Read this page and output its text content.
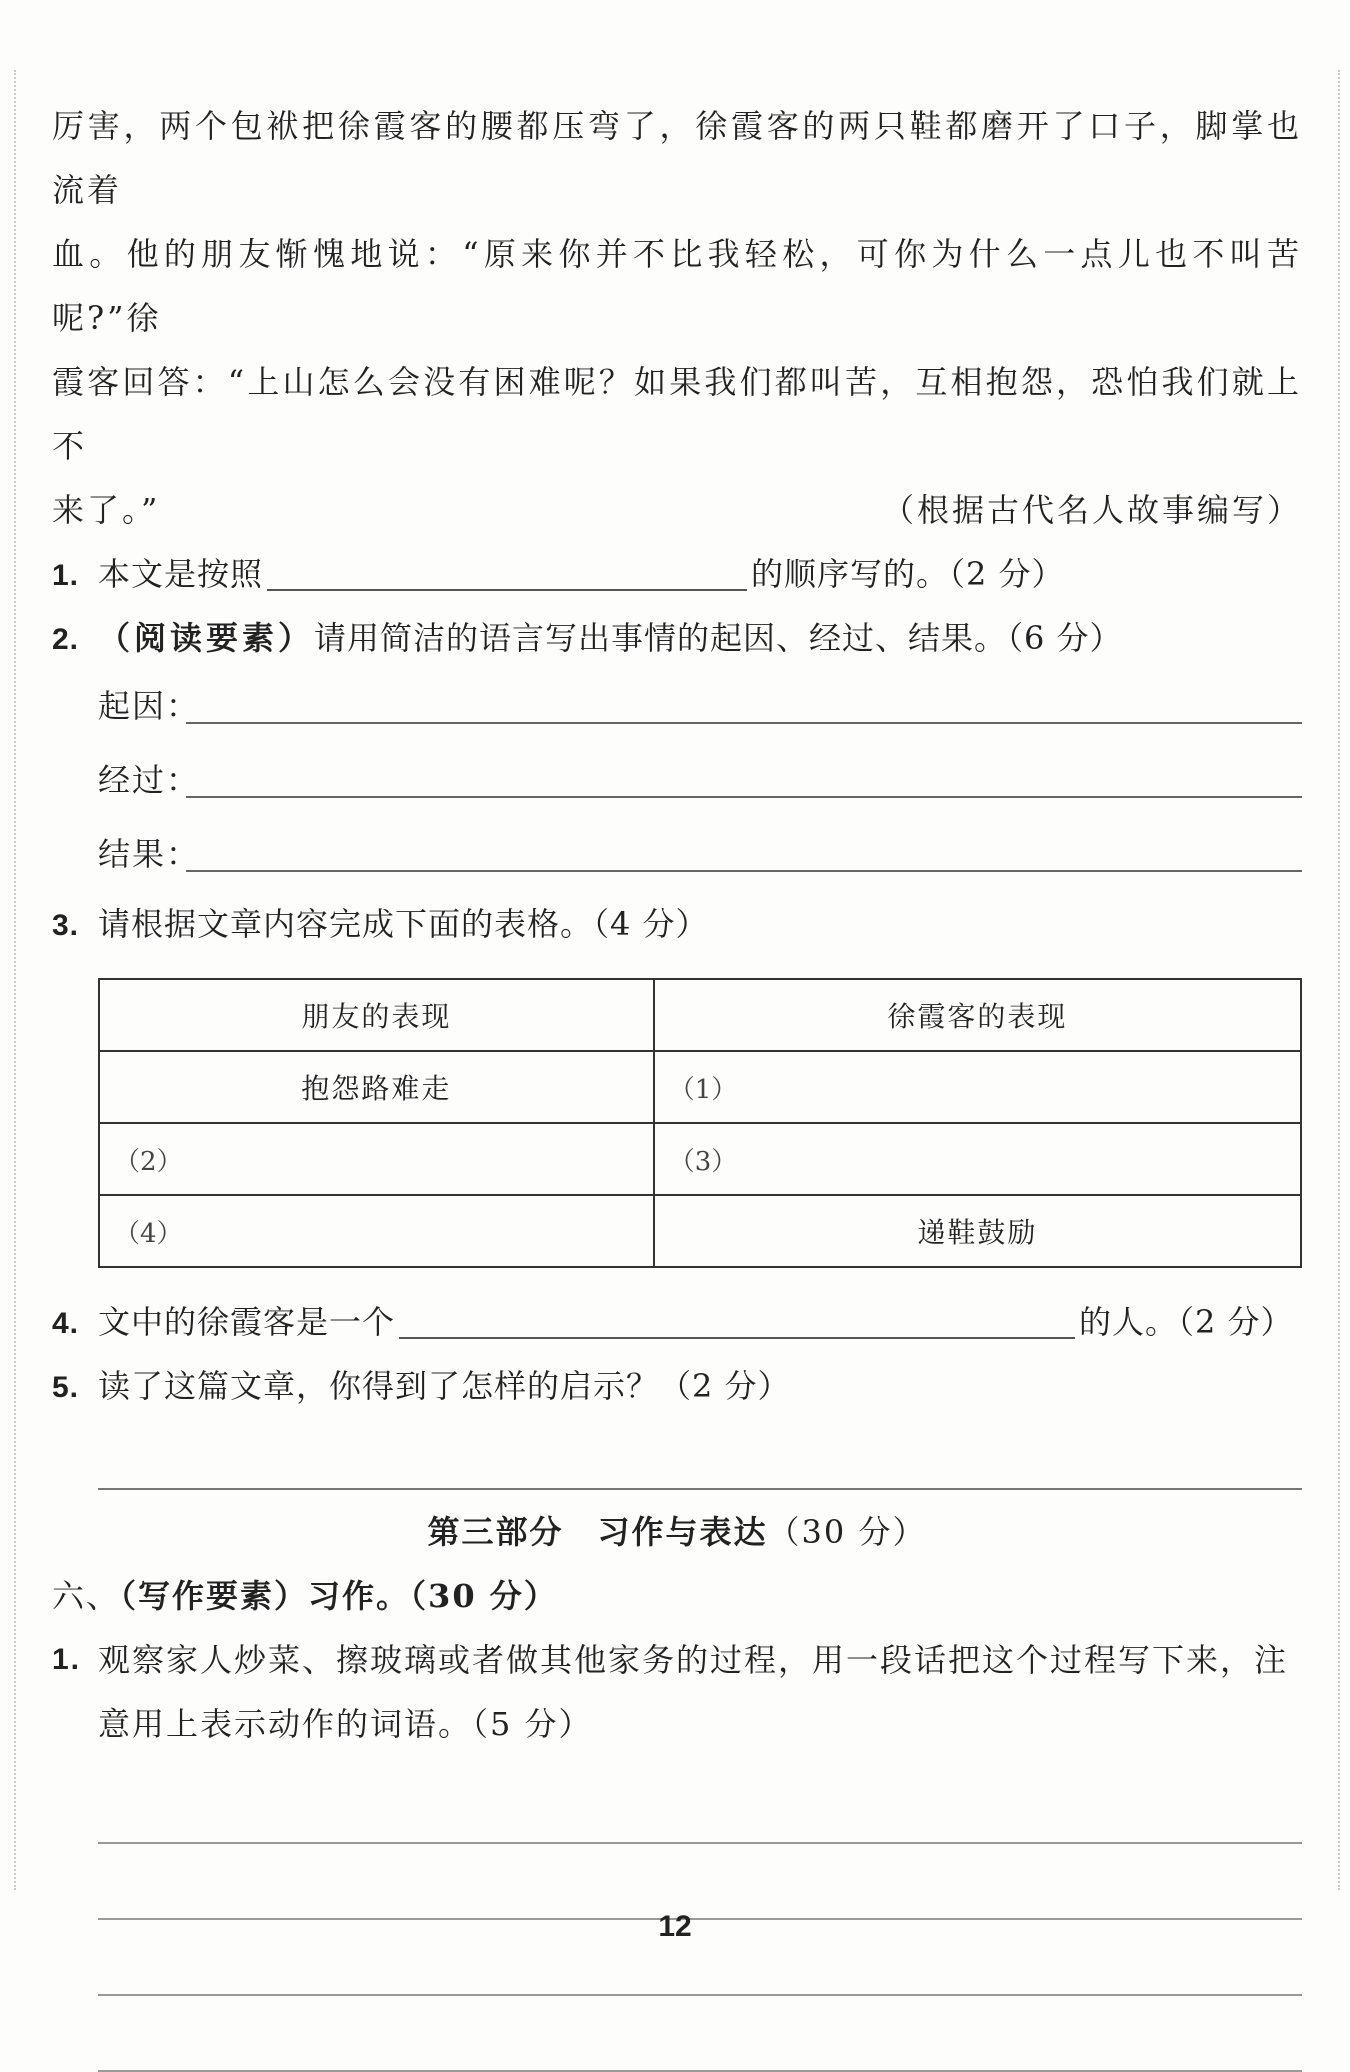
厉害，两个包袱把徐霞客的腰都压弯了，徐霞客的两只鞋都磨开了口子，脚掌也流着

血。他的朋友惭愧地说：“原来你并不比我轻松，可你为什么一点儿也不叫苦呢?”徐

霞客回答：“上山怎么会没有困难呢？如果我们都叫苦，互相抱怨，恐怕我们就上不

来了。”	（根据古代名人故事编写）
1. 本文是按照	的顺序写的。（2 分）
2. （阅读要素）请用简洁的语言写出事情的起因、经过、结果。（6 分）
起因：
经过：
结果：
3. 请根据文章内容完成下面的表格。（4 分）
朋友的表现	徐霞客的表现
抱怨路难走	（1）
（2）	（3）
（4）	递鞋鼓励
4. 文中的徐霞客是一个	的人。（2 分）
5. 读了这篇文章，你得到了怎样的启示？（2 分）
第三部分　习作与表达（30 分）
六、（写作要素）习作。（30 分）
1. 观察家人炒菜、擦玻璃或者做其他家务的过程，用一段话把这个过程写下来，注意用上表示动作的词语。（5 分）
12
